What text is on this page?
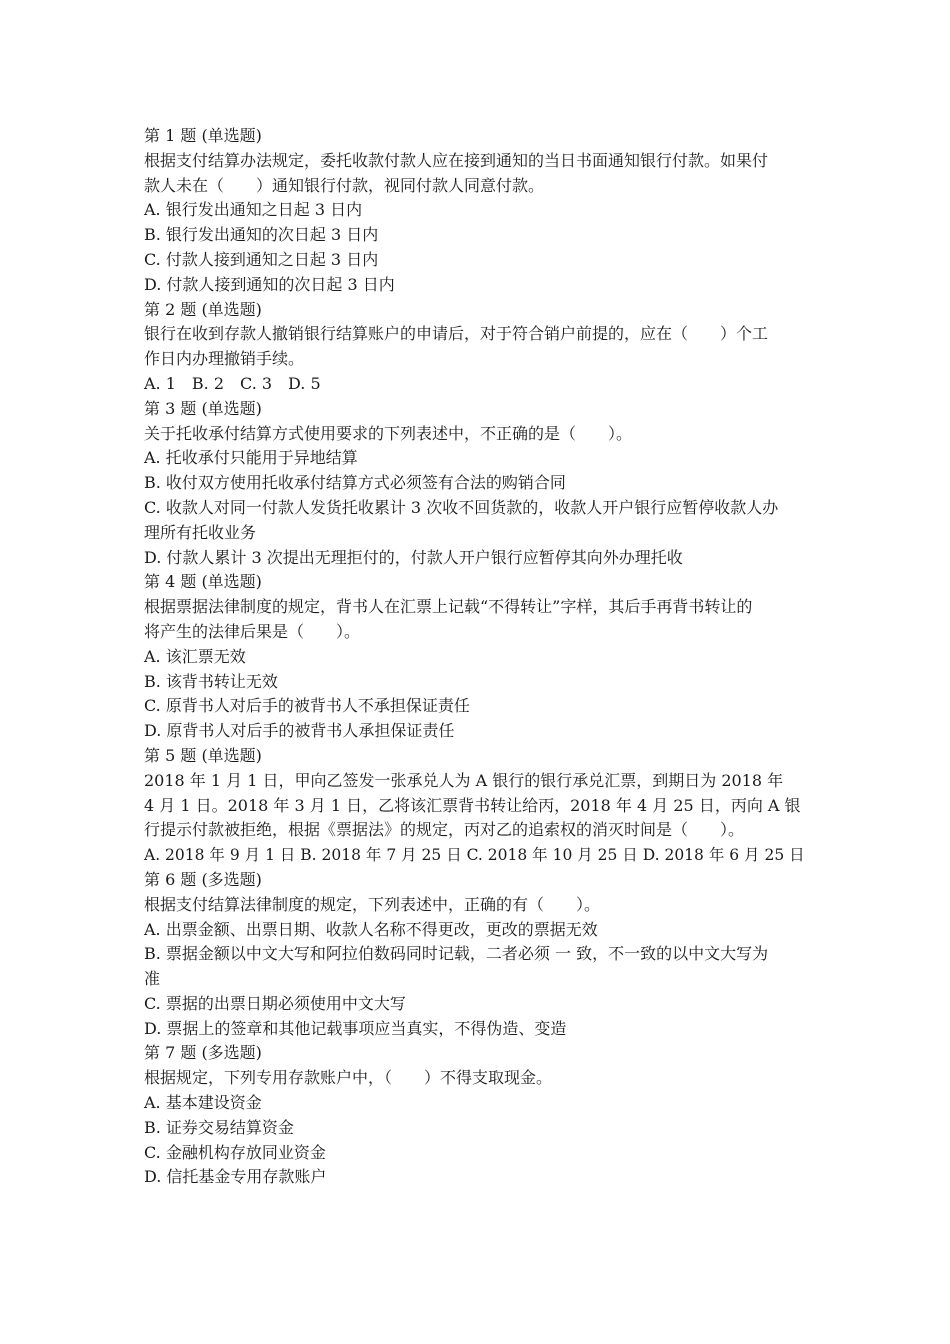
第 1 题 (单选题)
根据支付结算办法规定，委托收款付款人应在接到通知的当日书面通知银行付款。如果付
款人未在（　　）通知银行付款，视同付款人同意付款。
A. 银行发出通知之日起 3 日内
B. 银行发出通知的次日起 3 日内
C. 付款人接到通知之日起 3 日内
D. 付款人接到通知的次日起 3 日内
第 2 题 (单选题)
银行在收到存款人撤销银行结算账户的申请后，对于符合销户前提的，应在（　　）个工
作日内办理撤销手续。
A. 1　B. 2　C. 3　D. 5
第 3 题 (单选题)
关于托收承付结算方式使用要求的下列表述中，不正确的是（　　）。
A. 托收承付只能用于异地结算
B. 收付双方使用托收承付结算方式必须签有合法的购销合同
C. 收款人对同一付款人发货托收累计 3 次收不回货款的，收款人开户银行应暂停收款人办
理所有托收业务
D. 付款人累计 3 次提出无理拒付的，付款人开户银行应暂停其向外办理托收
第 4 题 (单选题)
根据票据法律制度的规定，背书人在汇票上记载“不得转让”字样，其后手再背书转让的
将产生的法律后果是（　　）。
A. 该汇票无效
B. 该背书转让无效
C. 原背书人对后手的被背书人不承担保证责任
D. 原背书人对后手的被背书人承担保证责任
第 5 题 (单选题)
2018 年 1 月 1 日，甲向乙签发一张承兑人为 A 银行的银行承兑汇票，到期日为 2018 年
4 月 1 日。2018 年 3 月 1 日，乙将该汇票背书转让给丙，2018 年 4 月 25 日，丙向 A 银
行提示付款被拒绝，根据《票据法》的规定，丙对乙的追索权的消灭时间是（　　）。
A. 2018 年 9 月 1 日 B. 2018 年 7 月 25 日 C. 2018 年 10 月 25 日 D. 2018 年 6 月 25 日
第 6 题 (多选题)
根据支付结算法律制度的规定，下列表述中，正确的有（　　）。
A. 出票金额、出票日期、收款人名称不得更改，更改的票据无效
B. 票据金额以中文大写和阿拉伯数码同时记载，二者必须 一 致，不一致的以中文大写为
准
C. 票据的出票日期必须使用中文大写
D. 票据上的签章和其他记载事项应当真实，不得伪造、变造
第 7 题 (多选题)
根据规定，下列专用存款账户中，（　　）不得支取现金。
A. 基本建设资金
B. 证券交易结算资金
C. 金融机构存放同业资金
D. 信托基金专用存款账户
